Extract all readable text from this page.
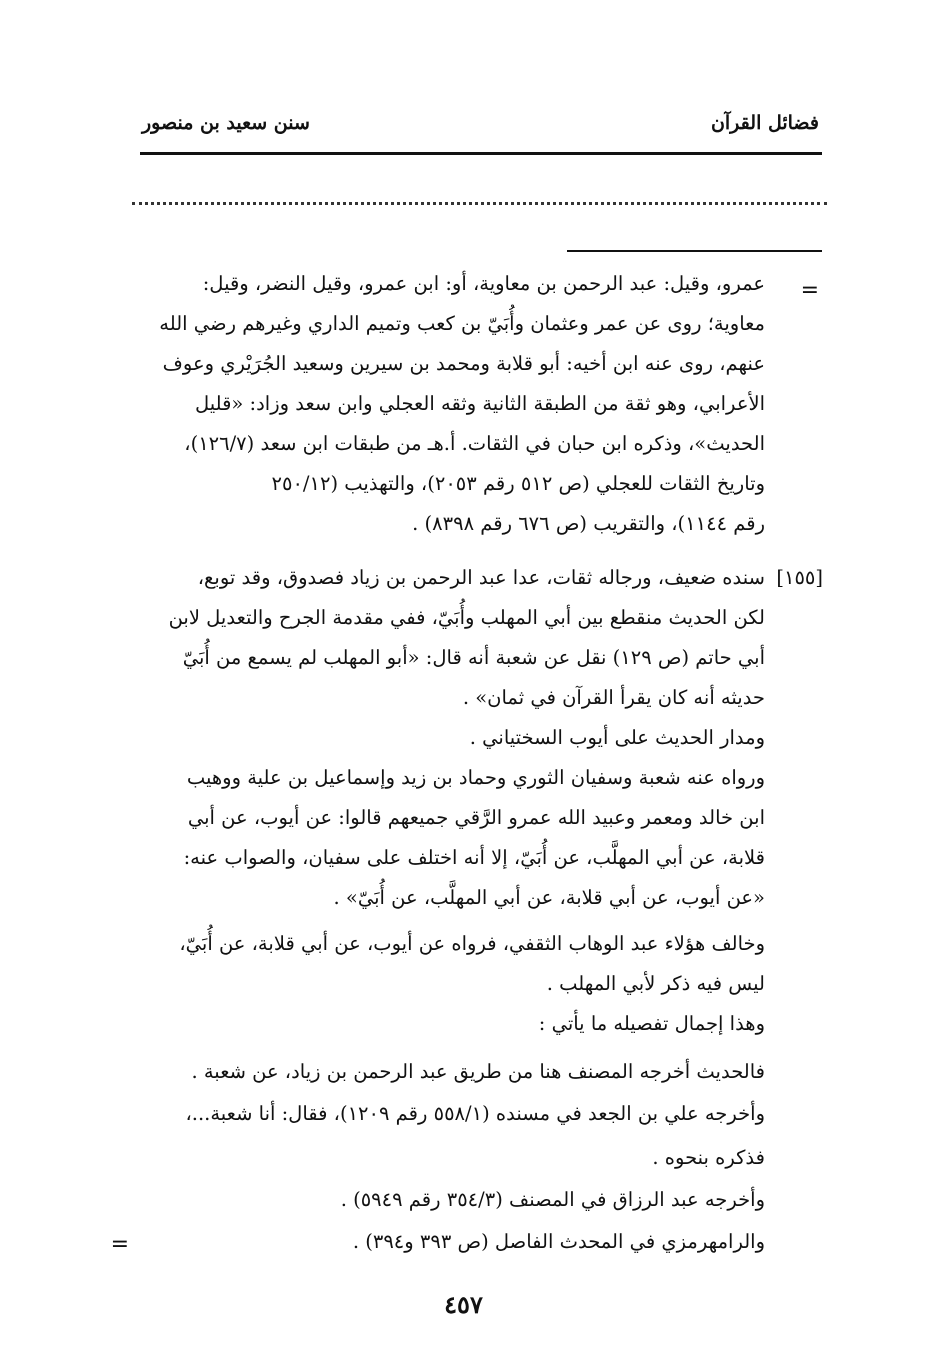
فضائل القرآن
سنن سعيد بن منصور
=
عمرو، وقيل: عبد الرحمن بن معاوية، أو: ابن عمرو، وقيل النضر، وقيل:
معاوية؛ روى عن عمر وعثمان وأُبَيّ بن كعب وتميم الداري وغيرهم رضي الله
عنهم، روى عنه ابن أخيه: أبو قلابة ومحمد بن سيرين وسعيد الجُرَيْري وعوف
الأعرابي، وهو ثقة من الطبقة الثانية وثقه العجلي وابن سعد وزاد: «قليل
الحديث»، وذكره ابن حبان في الثقات. أ.هـ من طبقات ابن سعد (١٢٦/٧)،
وتاريخ الثقات للعجلي (ص ٥١٢ رقم ٢٠٥٣)، والتهذيب (٢٥٠/١٢
رقم ١١٤٤)، والتقريب (ص ٦٧٦ رقم ٨٣٩٨) .
[١٥٥]
سنده ضعيف، ورجاله ثقات، عدا عبد الرحمن بن زياد فصدوق، وقد توبع،
لكن الحديث منقطع بين أبي المهلب وأُبَيّ، ففي مقدمة الجرح والتعديل لابن
أبي حاتم (ص ١٢٩) نقل عن شعبة أنه قال: «أبو المهلب لم يسمع من أُبَيّ
حديثه أنه كان يقرأ القرآن في ثمان» .
ومدار الحديث على أيوب السختياني .
ورواه عنه شعبة وسفيان الثوري وحماد بن زيد وإسماعيل بن علية ووهيب
ابن خالد ومعمر وعبيد الله عمرو الرَّقي جميعهم قالوا: عن أيوب، عن أبي
قلابة، عن أبي المهلَّب، عن أُبَيّ، إلا أنه اختلف على سفيان، والصواب عنه:
«عن أيوب، عن أبي قلابة، عن أبي المهلَّب، عن أُبَيّ» .
وخالف هؤلاء عبد الوهاب الثقفي، فرواه عن أيوب، عن أبي قلابة، عن أُبَيّ،
ليس فيه ذكر لأبي المهلب .
وهذا إجمال تفصيله ما يأتي :
فالحديث أخرجه المصنف هنا من طريق عبد الرحمن بن زياد، عن شعبة .
وأخرجه علي بن الجعد في مسنده (٥٥٨/١ رقم ١٢٠٩)، فقال: أنا شعبة...،
فذكره بنحوه .
وأخرجه عبد الرزاق في المصنف (٣٥٤/٣ رقم ٥٩٤٩) .
والرامهرمزي في المحدث الفاصل (ص ٣٩٣ و٣٩٤) .
=
٤٥٧
